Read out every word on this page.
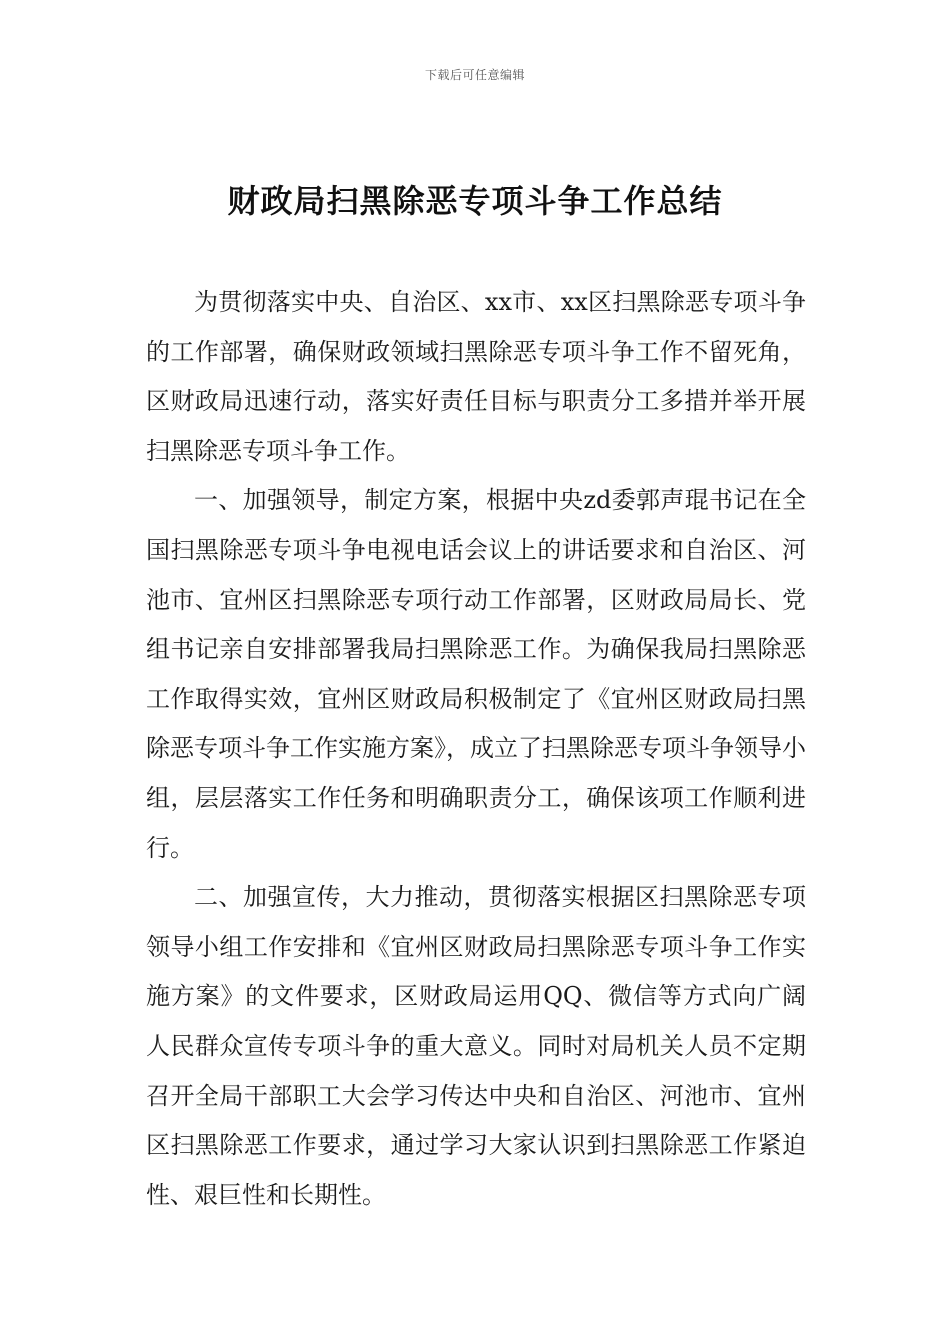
下载后可任意编辑
财政局扫黑除恶专项斗争工作总结

为贯彻落实中央、自治区、xx市、xx区扫黑除恶专项斗争的工作部署，确保财政领域扫黑除恶专项斗争工作不留死角，区财政局迅速行动，落实好责任目标与职责分工多措并举开展扫黑除恶专项斗争工作。

一、加强领导，制定方案，根据中央zd委郭声琨书记在全国扫黑除恶专项斗争电视电话会议上的讲话要求和自治区、河池市、宜州区扫黑除恶专项行动工作部署，区财政局局长、党组书记亲自安排部署我局扫黑除恶工作。为确保我局扫黑除恶工作取得实效，宜州区财政局积极制定了《宜州区财政局扫黑除恶专项斗争工作实施方案》，成立了扫黑除恶专项斗争领导小组，层层落实工作任务和明确职责分工，确保该项工作顺利进行。

二、加强宣传，大力推动，贯彻落实根据区扫黑除恶专项领导小组工作安排和《宜州区财政局扫黑除恶专项斗争工作实施方案》的文件要求，区财政局运用QQ、微信等方式向广阔人民群众宣传专项斗争的重大意义。同时对局机关人员不定期召开全局干部职工大会学习传达中央和自治区、河池市、宜州区扫黑除恶工作要求，通过学习大家认识到扫黑除恶工作紧迫性、艰巨性和长期性。
